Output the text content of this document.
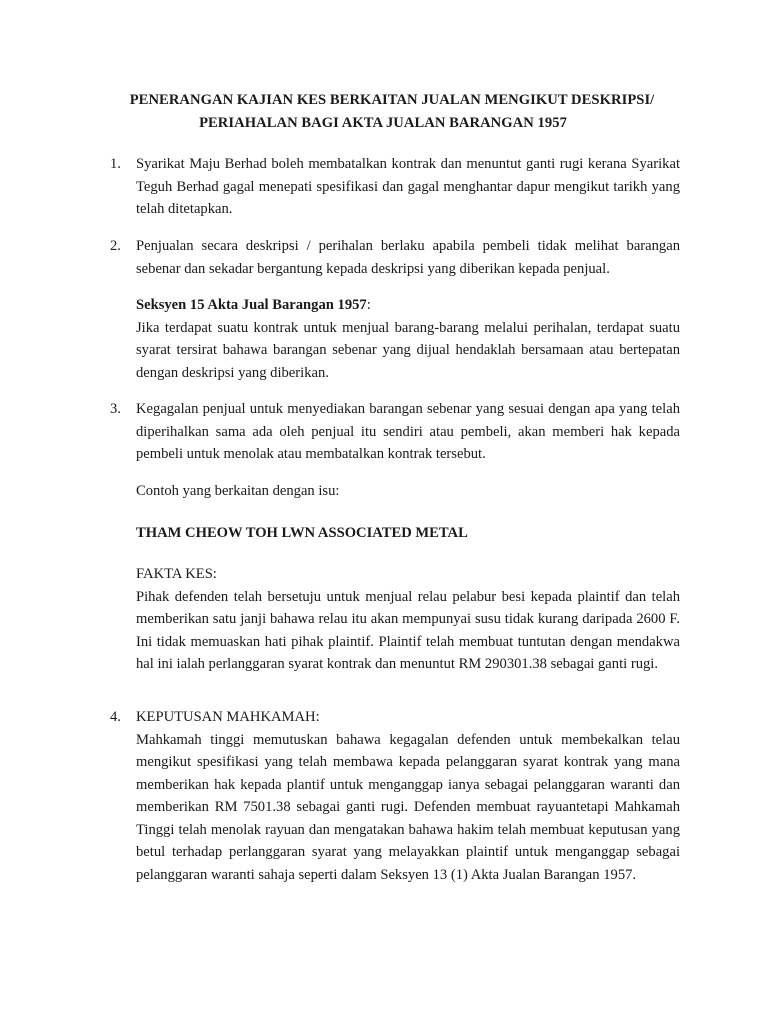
PENERANGAN KAJIAN KES BERKAITAN JUALAN MENGIKUT DESKRIPSI/
PERIAHALAN BAGI AKTA JUALAN BARANGAN 1957
1. Syarikat Maju Berhad boleh membatalkan kontrak dan menuntut ganti rugi kerana Syarikat Teguh Berhad gagal menepati spesifikasi dan gagal menghantar dapur mengikut tarikh yang telah ditetapkan.

2. Penjualan secara deskripsi / perihalan berlaku apabila pembeli tidak melihat barangan sebenar dan sekadar bergantung kepada deskripsi yang diberikan kepada penjual.

Seksyen 15 Akta Jual Barangan 1957:

Jika terdapat suatu kontrak untuk menjual barang-barang melalui perihalan, terdapat suatu syarat tersirat bahawa barangan sebenar yang dijual hendaklah bersamaan atau bertepatan dengan deskripsi yang diberikan.

3. Kegagalan penjual untuk menyediakan barangan sebenar yang sesuai dengan apa yang telah diperihalkan sama ada oleh penjual itu sendiri atau pembeli, akan memberi hak kepada pembeli untuk menolak atau membatalkan kontrak tersebut.

Contoh yang berkaitan dengan isu:

THAM CHEOW TOH LWN ASSOCIATED METAL

FAKTA KES:

Pihak defenden telah bersetuju untuk menjual relau pelabur besi kepada plaintif dan telah memberikan satu janji bahawa relau itu akan mempunyai susu tidak kurang daripada 2600 F. Ini tidak memuaskan hati pihak plaintif. Plaintif telah membuat tuntutan dengan mendakwa hal ini ialah perlanggaran syarat kontrak dan menuntut RM 290301.38 sebagai ganti rugi.

4. KEPUTUSAN MAHKAMAH:

Mahkamah tinggi memutuskan bahawa kegagalan defenden untuk membekalkan telau mengikut spesifikasi yang telah membawa kepada pelanggaran syarat kontrak yang mana memberikan hak kepada plantif untuk menganggap ianya sebagai pelanggaran waranti dan memberikan RM 7501.38 sebagai ganti rugi. Defenden membuat rayuantetapi Mahkamah Tinggi telah menolak rayuan dan mengatakan bahawa hakim telah membuat keputusan yang betul terhadap perlanggaran syarat yang melayakkan plaintif untuk menganggap sebagai pelanggaran waranti sahaja seperti dalam Seksyen 13 (1) Akta Jualan Barangan 1957.
